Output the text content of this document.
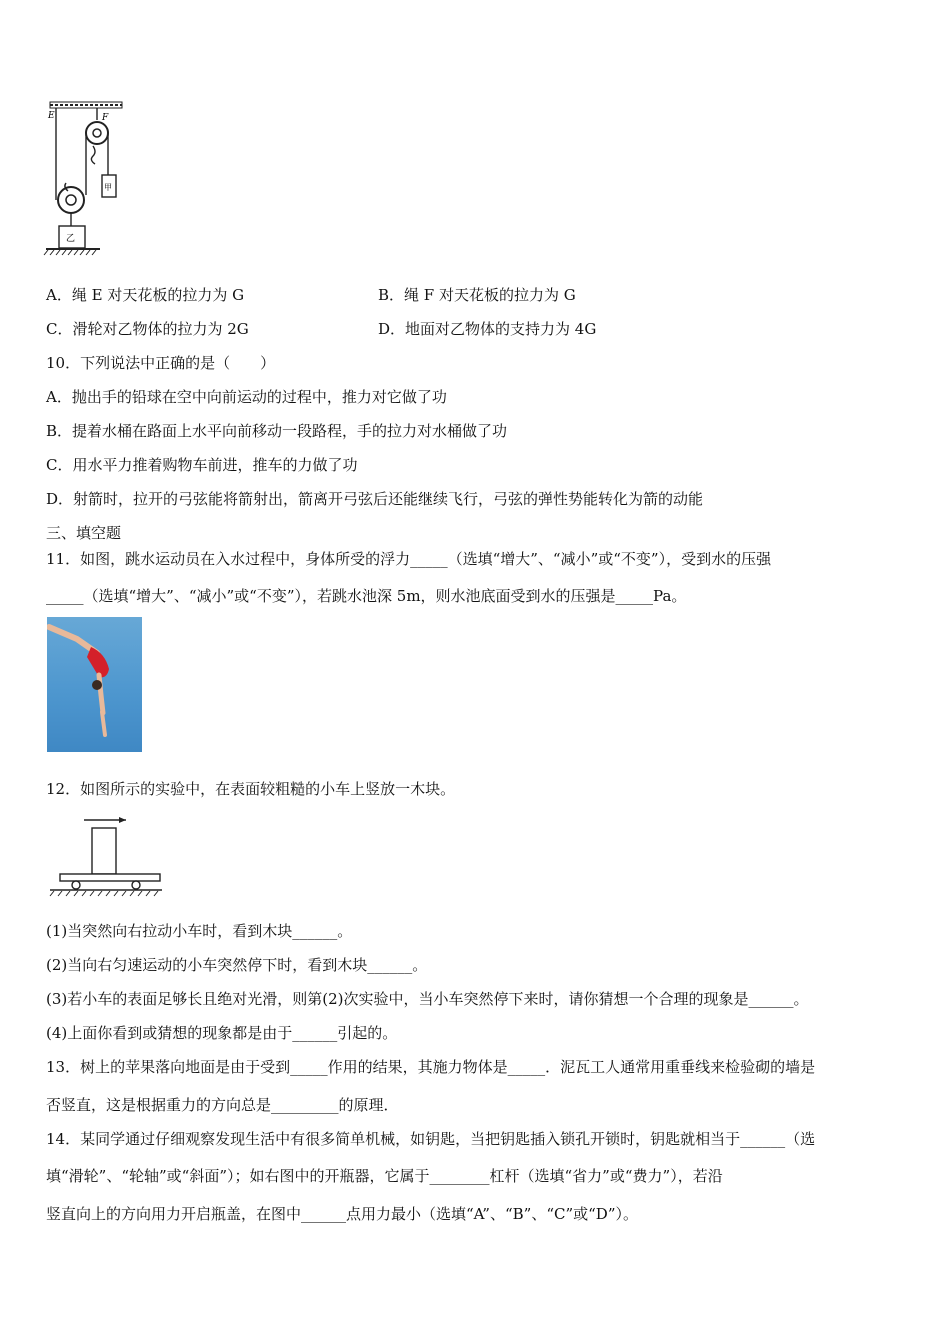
E	F
甲
乙
A．绳 E 对天花板的拉力为 G	B．绳 F 对天花板的拉力为 G
C．滑轮对乙物体的拉力为 2G	D．地面对乙物体的支持力为 4G
10．下列说法中正确的是（　　）
A．抛出手的铅球在空中向前运动的过程中，推力对它做了功
B．提着水桶在路面上水平向前移动一段路程，手的拉力对水桶做了功
C．用水平力推着购物车前进，推车的力做了功
D．射箭时，拉开的弓弦能将箭射出，箭离开弓弦后还能继续飞行，弓弦的弹性势能转化为箭的动能
三、填空题
11．如图，跳水运动员在入水过程中，身体所受的浮力_____（选填“增大”、“减小”或“不变”），受到水的压强
_____（选填“增大”、“减小”或“不变”），若跳水池深 5m，则水池底面受到水的压强是_____Pa。
12．如图所示的实验中，在表面较粗糙的小车上竖放一木块。
(1)当突然向右拉动小车时，看到木块______。
(2)当向右匀速运动的小车突然停下时，看到木块______。
(3)若小车的表面足够长且绝对光滑，则第(2)次实验中，当小车突然停下来时，请你猜想一个合理的现象是______。
(4)上面你看到或猜想的现象都是由于______引起的。
13．树上的苹果落向地面是由于受到_____作用的结果，其施力物体是_____．泥瓦工人通常用重垂线来检验砌的墙是
否竖直，这是根据重力的方向总是_________的原理．
14．某同学通过仔细观察发现生活中有很多简单机械，如钥匙，当把钥匙插入锁孔开锁时，钥匙就相当于______（选
填“滑轮”、“轮轴”或“斜面”）；如右图中的开瓶器，它属于________杠杆（选填“省力”或“费力”），若沿
竖直向上的方向用力开启瓶盖，在图中______点用力最小（选填“A”、“B”、“C”或“D”）。
